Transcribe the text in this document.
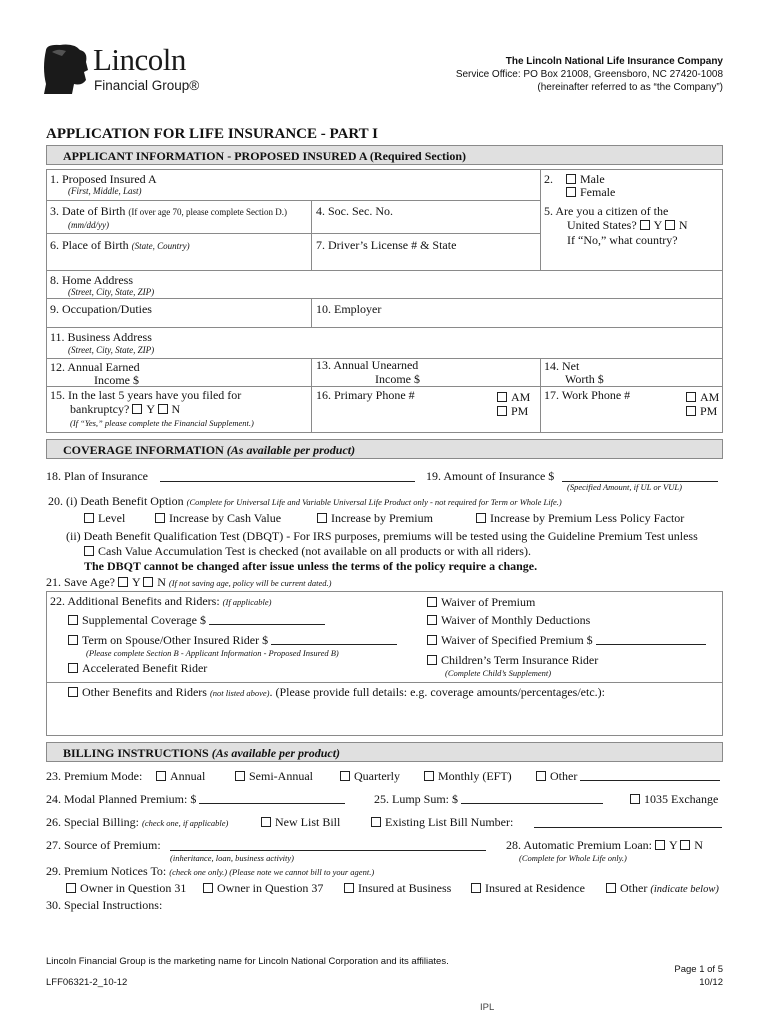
Lincoln
Financial Group®
The Lincoln National Life Insurance Company
Service Office: PO Box 21008, Greensboro, NC 27420-1008
(hereinafter referred to as “the Company”)
APPLICATION FOR LIFE INSURANCE - PART I
APPLICANT INFORMATION - PROPOSED INSURED A (Required Section)
1. Proposed Insured A
(First, Middle, Last)
2.	Male
Female
3. Date of Birth (If over age 70, please complete Section D.)
(mm/dd/yy)
4. Soc. Sec. No.	5. Are you a citizen of the
United States? Y N
If “No,” what country?
6. Place of Birth (State, Country)	7. Driver’s License # & State
8. Home Address
(Street, City, State, ZIP)
9. Occupation/Duties	10. Employer
11. Business Address
(Street, City, State, ZIP)
12. Annual Earned
Income $
13. Annual Unearned
Income $
14. Net
Worth $
15. In the last 5 years have you filed for
bankruptcy? Y N
(If “Yes,” please complete the Financial Supplement.)
16. Primary Phone #	AM
PM
17. Work Phone #	AM
PM
COVERAGE INFORMATION (As available per product)
18. Plan of Insurance	19. Amount of Insurance $
(Specified Amount, if UL or VUL)
20. (i) Death Benefit Option (Complete for Universal Life and Variable Universal Life Product only - not required for Term or Whole Life.)
Level	Increase by Cash Value	Increase by Premium	Increase by Premium Less Policy Factor
(ii) Death Benefit Qualification Test (DBQT) - For IRS purposes, premiums will be tested using the Guideline Premium Test unless
Cash Value Accumulation Test is checked (not available on all products or with all riders).
The DBQT cannot be changed after issue unless the terms of the policy require a change.
21. Save Age? Y N (If not saving age, policy will be current dated.)
22. Additional Benefits and Riders: (If applicable)
Supplemental Coverage $
Term on Spouse/Other Insured Rider $
(Please complete Section B - Applicant Information - Proposed Insured B)
Accelerated Benefit Rider
Waiver of Premium
Waiver of Monthly Deductions
Waiver of Specified Premium $
Children’s Term Insurance Rider
(Complete Child’s Supplement)
Other Benefits and Riders (not listed above). (Please provide full details: e.g. coverage amounts/percentages/etc.):
BILLING INSTRUCTIONS (As available per product)
23. Premium Mode:	Annual	Semi-Annual	Quarterly	Monthly (EFT)	Other
24. Modal Planned Premium: $	25. Lump Sum: $	1035 Exchange
26. Special Billing: (check one, if applicable)	New List Bill	Existing List Bill Number:
27. Source of Premium:
(inheritance, loan, business activity)
28. Automatic Premium Loan: Y N
(Complete for Whole Life only.)
29. Premium Notices To: (check one only.) (Please note we cannot bill to your agent.)
Owner in Question 31	Owner in Question 37	Insured at Business	Insured at Residence	Other (indicate below)
30. Special Instructions:
Lincoln Financial Group is the marketing name for Lincoln National Corporation and its affiliates.
LFF06321-2_10-12
Page 1 of 5
10/12
IPL
